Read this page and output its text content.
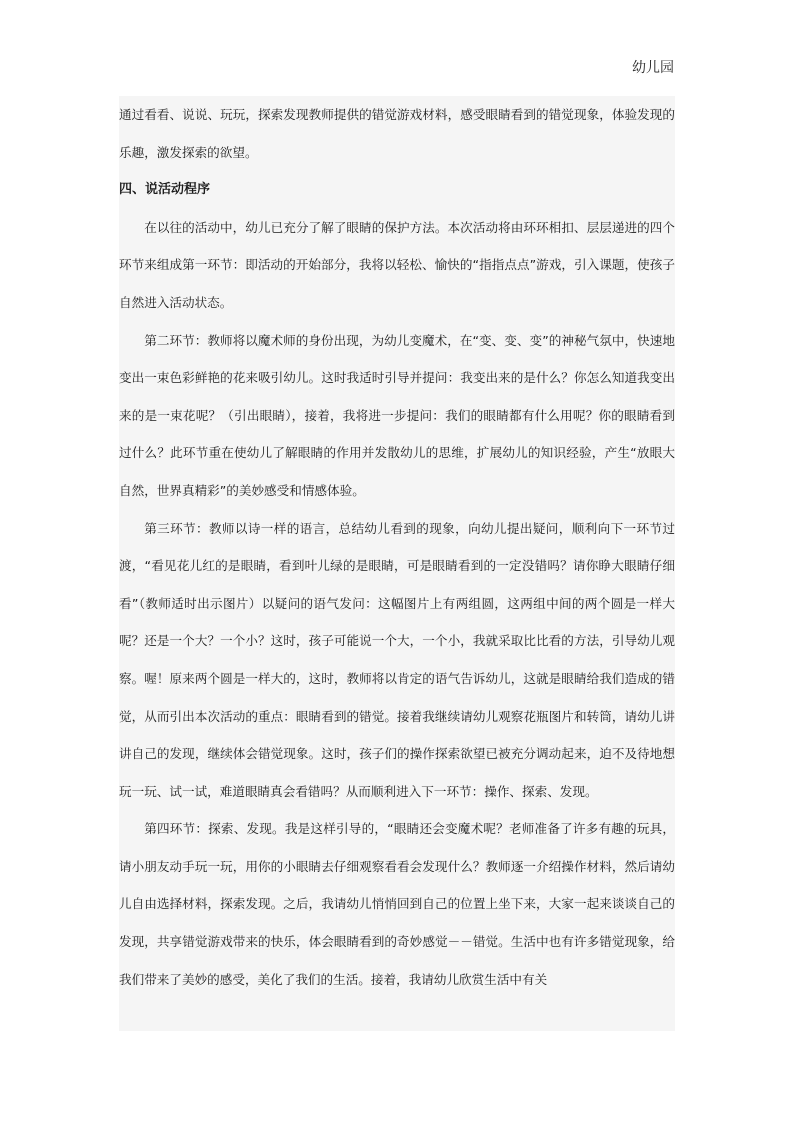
幼儿园

通过看看、说说、玩玩，探索发现教师提供的错觉游戏材料，感受眼睛看到的错觉现象，体验发现的乐趣，激发探索的欲望。

四、说活动程序

在以往的活动中，幼儿已充分了解了眼睛的保护方法。本次活动将由环环相扣、层层递进的四个环节来组成第一环节：即活动的开始部分，我将以轻松、愉快的“指指点点”游戏，引入课题，使孩子自然进入活动状态。

第二环节：教师将以魔术师的身份出现，为幼儿变魔术，在“变、变、变”的神秘气氛中，快速地变出一束色彩鲜艳的花来吸引幼儿。这时我适时引导并提问：我变出来的是什么？你怎么知道我变出来的是一束花呢？（引出眼睛），接着，我将进一步提问：我们的眼睛都有什么用呢？你的眼睛看到过什么？此环节重在使幼儿了解眼睛的作用并发散幼儿的思维，扩展幼儿的知识经验，产生“放眼大自然，世界真精彩”的美妙感受和情感体验。

第三环节：教师以诗一样的语言，总结幼儿看到的现象，向幼儿提出疑问，顺利向下一环节过渡，“看见花儿红的是眼睛，看到叶儿绿的是眼睛，可是眼睛看到的一定没错吗？请你睁大眼睛仔细看”（教师适时出示图片）以疑问的语气发问：这幅图片上有两组圆，这两组中间的两个圆是一样大呢？还是一个大？一个小？这时，孩子可能说一个大，一个小，我就采取比比看的方法，引导幼儿观察。喔！原来两个圆是一样大的，这时，教师将以肯定的语气告诉幼儿，这就是眼睛给我们造成的错觉，从而引出本次活动的重点：眼睛看到的错觉。接着我继续请幼儿观察花瓶图片和转筒，请幼儿讲讲自己的发现，继续体会错觉现象。这时，孩子们的操作探索欲望已被充分调动起来，迫不及待地想玩一玩、试一试，难道眼睛真会看错吗？从而顺利进入下一环节：操作、探索、发现。

第四环节：探索、发现。我是这样引导的，“眼睛还会变魔术呢？老师准备了许多有趣的玩具，请小朋友动手玩一玩，用你的小眼睛去仔细观察看看会发现什么？教师逐一介绍操作材料，然后请幼儿自由选择材料，探索发现。之后，我请幼儿悄悄回到自己的位置上坐下来，大家一起来谈谈自己的发现，共享错觉游戏带来的快乐，体会眼睛看到的奇妙感觉－－错觉。生活中也有许多错觉现象，给我们带来了美妙的感受，美化了我们的生活。接着，我请幼儿欣赏生活中有关
